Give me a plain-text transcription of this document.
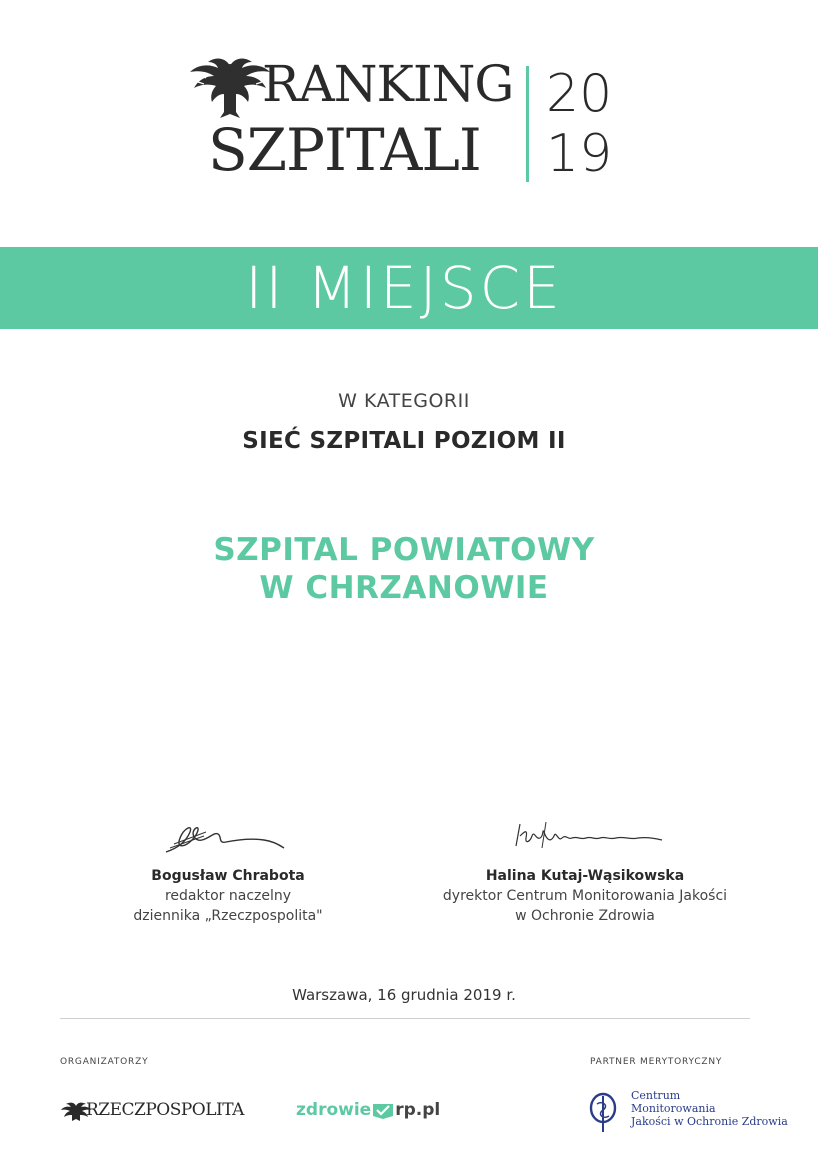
RANKING
SZPITALI
20
19
II MIEJSCE
W KATEGORII
SIEĆ SZPITALI POZIOM II
SZPITAL POWIATOWY
W CHRZANOWIE
Bogusław Chrabota
redaktor naczelny
dziennika „Rzeczpospolita"
Halina Kutaj-Wąsikowska
dyrektor Centrum Monitorowania Jakości
w Ochronie Zdrowia
Warszawa, 16 grudnia 2019 r.
ORGANIZATORZY	PARTNER MERYTORYCZNY
RZECZPOSPOLITA	zdrowie rp.pl
Centrum
Monitorowania
Jakości w Ochronie Zdrowia
